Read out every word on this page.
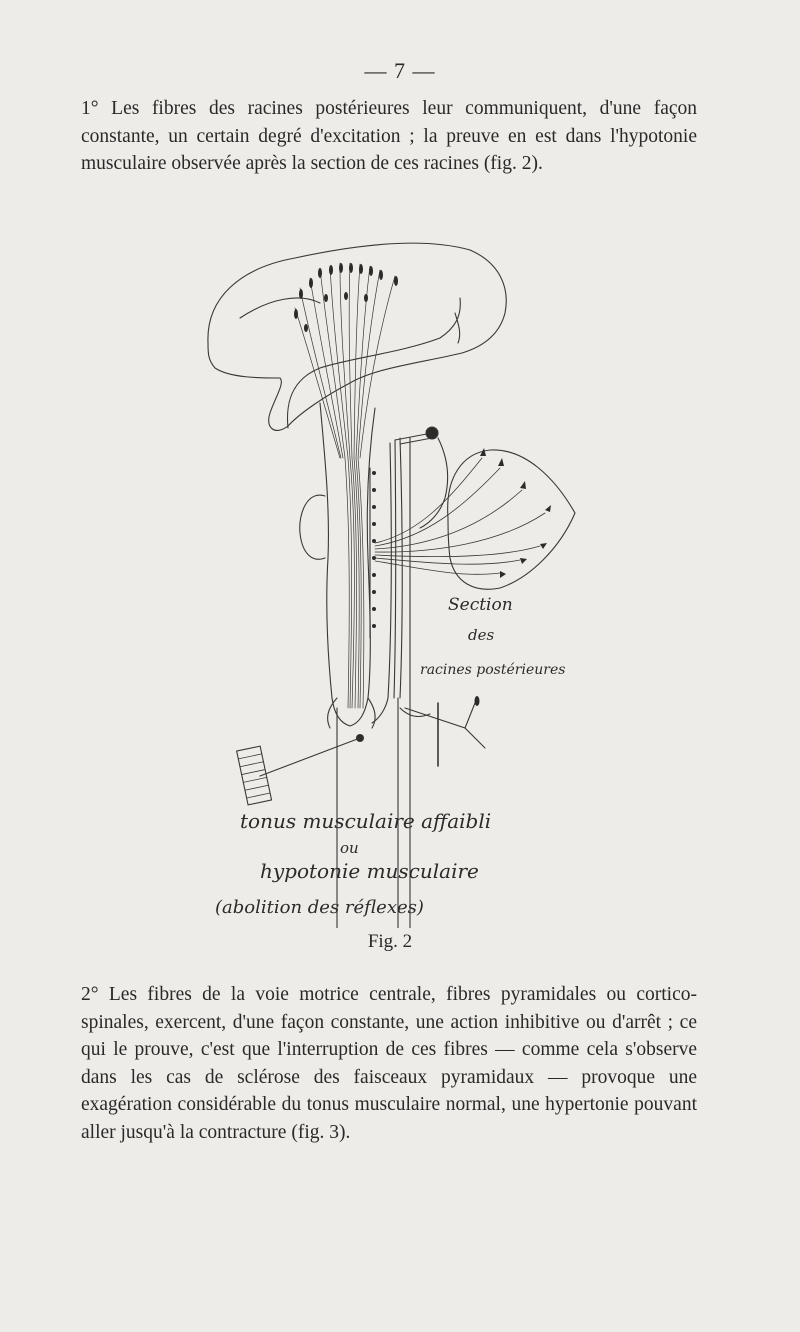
— 7 —

1° Les fibres des racines postérieures leur communiquent, d'une façon constante, un certain degré d'excitation ; la preuve en est dans l'hypotonie musculaire observée après la section de ces racines (fig. 2).

Section
des
racines postérieures
tonus musculaire affaibli
ou
hypotonie musculaire
(abolition des réflexes)
Fig. 2

2° Les fibres de la voie motrice centrale, fibres pyramidales ou cortico-spinales, exercent, d'une façon constante, une action inhibitive ou d'arrêt ; ce qui le prouve, c'est que l'interruption de ces fibres — comme cela s'observe dans les cas de sclérose des faisceaux pyramidaux — provoque une exagération considérable du tonus musculaire normal, une hypertonie pouvant aller jusqu'à la contracture (fig. 3).
